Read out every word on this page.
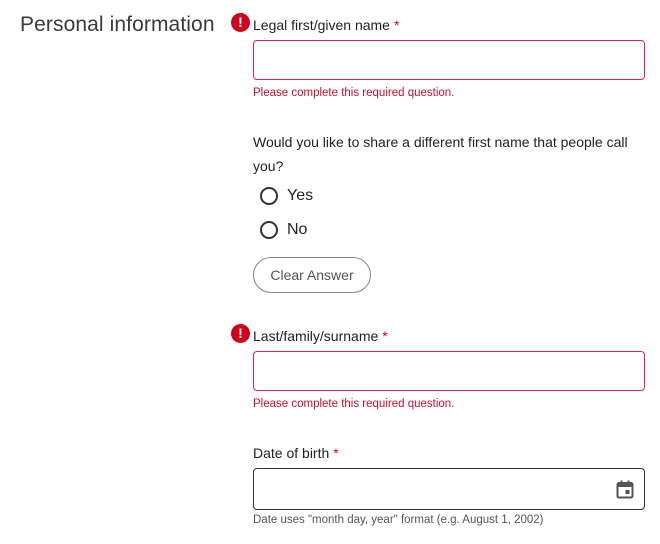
Personal information	! Legal first/given name *
Please complete this required question.
Would you like to share a different first name that people call you?
Yes
No
Clear Answer
! Last/family/surname *
Please complete this required question.
Date of birth *
Date uses "month day, year" format (e.g. August 1, 2002)
